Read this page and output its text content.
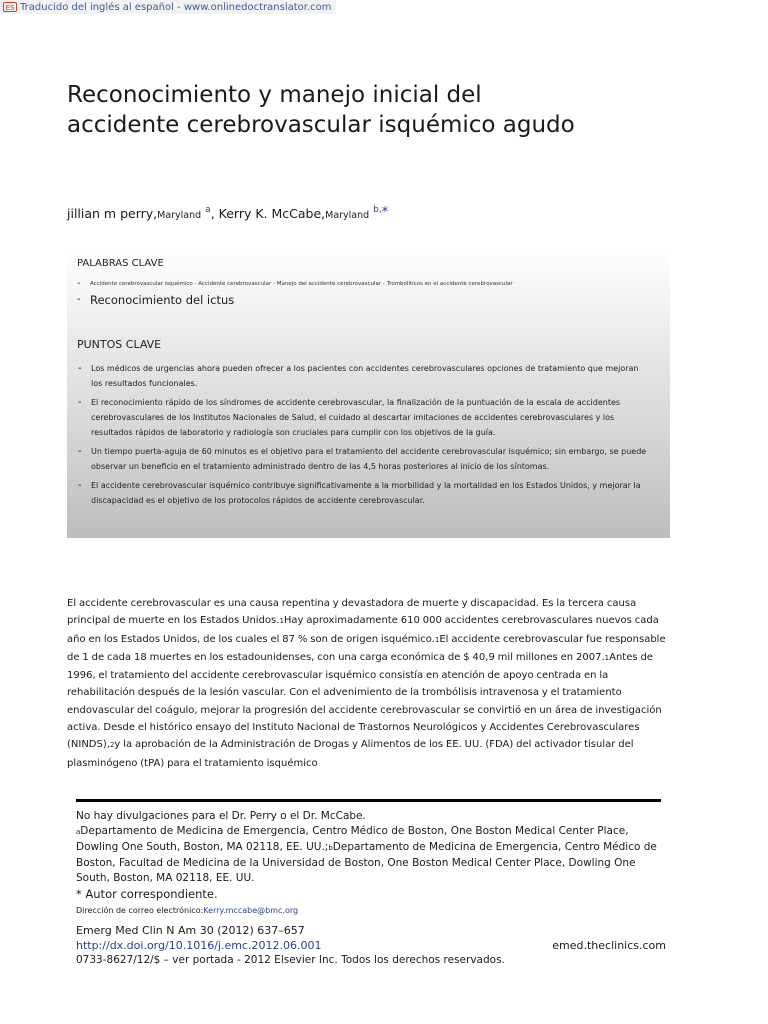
ES Traducido del inglés al español - www.onlinedoctranslator.com
Reconocimiento y manejo inicial del
accidente cerebrovascular isquémico agudo
jillian m perry,Maryland $^a$, Kerry K. McCabe,Maryland $^{b,}$*

PALABRAS CLAVE

- Accidente cerebrovascular isquémico - Accidente cerebrovascular - Manejo del accidente cerebrovascular - Trombolíticos en el accidente cerebrovascular
- Reconocimiento del ictus

PUNTOS CLAVE

- Los médicos de urgencias ahora pueden ofrecer a los pacientes con accidentes cerebrovasculares opciones de tratamiento que mejoran los resultados funcionales.
- El reconocimiento rápido de los síndromes de accidente cerebrovascular, la finalización de la puntuación de la escala de accidentes cerebrovasculares de los Institutos Nacionales de Salud, el cuidado al descartar imitaciones de accidentes cerebrovasculares y los resultados rápidos de laboratorio y radiología son cruciales para cumplir con los objetivos de la guía.
- Un tiempo puerta-aguja de 60 minutos es el objetivo para el tratamiento del accidente cerebrovascular isquémico; sin embargo, se puede observar un beneficio en el tratamiento administrado dentro de las 4,5 horas posteriores al inicio de los síntomas.
- El accidente cerebrovascular isquémico contribuye significativamente a la morbilidad y la mortalidad en los Estados Unidos, y mejorar la discapacidad es el objetivo de los protocolos rápidos de accidente cerebrovascular.

El accidente cerebrovascular es una causa repentina y devastadora de muerte y discapacidad. Es la tercera causa principal de muerte en los Estados Unidos.1Hay aproximadamente 610 000 accidentes cerebrovasculares nuevos cada año en los Estados Unidos, de los cuales el 87 % son de origen isquémico.1El accidente cerebrovascular fue responsable de 1 de cada 18 muertes en los estadounidenses, con una carga económica de $ 40,9 mil millones en 2007.1Antes de 1996, el tratamiento del accidente cerebrovascular isquémico consistía en atención de apoyo centrada en la rehabilitación después de la lesión vascular. Con el advenimiento de la trombólisis intravenosa y el tratamiento endovascular del coágulo, mejorar la progresión del accidente cerebrovascular se convirtió en un área de investigación activa. Desde el histórico ensayo del Instituto Nacional de Trastornos Neurológicos y Accidentes Cerebrovasculares (NINDS),2y la aprobación de la Administración de Drogas y Alimentos de los EE. UU. (FDA) del activador tisular del plasminógeno (tPA) para el tratamiento isquémico

No hay divulgaciones para el Dr. Perry o el Dr. McCabe.

aDepartamento de Medicina de Emergencia, Centro Médico de Boston, One Boston Medical Center Place, Dowling One South, Boston, MA 02118, EE. UU.;bDepartamento de Medicina de Emergencia, Centro Médico de Boston, Facultad de Medicina de la Universidad de Boston, One Boston Medical Center Place, Dowling One South, Boston, MA 02118, EE. UU.

* Autor correspondiente.

Dirección de correo electrónico:Kerry.mccabe@bmc.org

Emerg Med Clin N Am 30 (2012) 637–657
http://dx.doi.org/10.1016/j.emc.2012.06.001	emed.theclinics.com
0733-8627/12/$ – ver portada - 2012 Elsevier Inc. Todos los derechos reservados.
